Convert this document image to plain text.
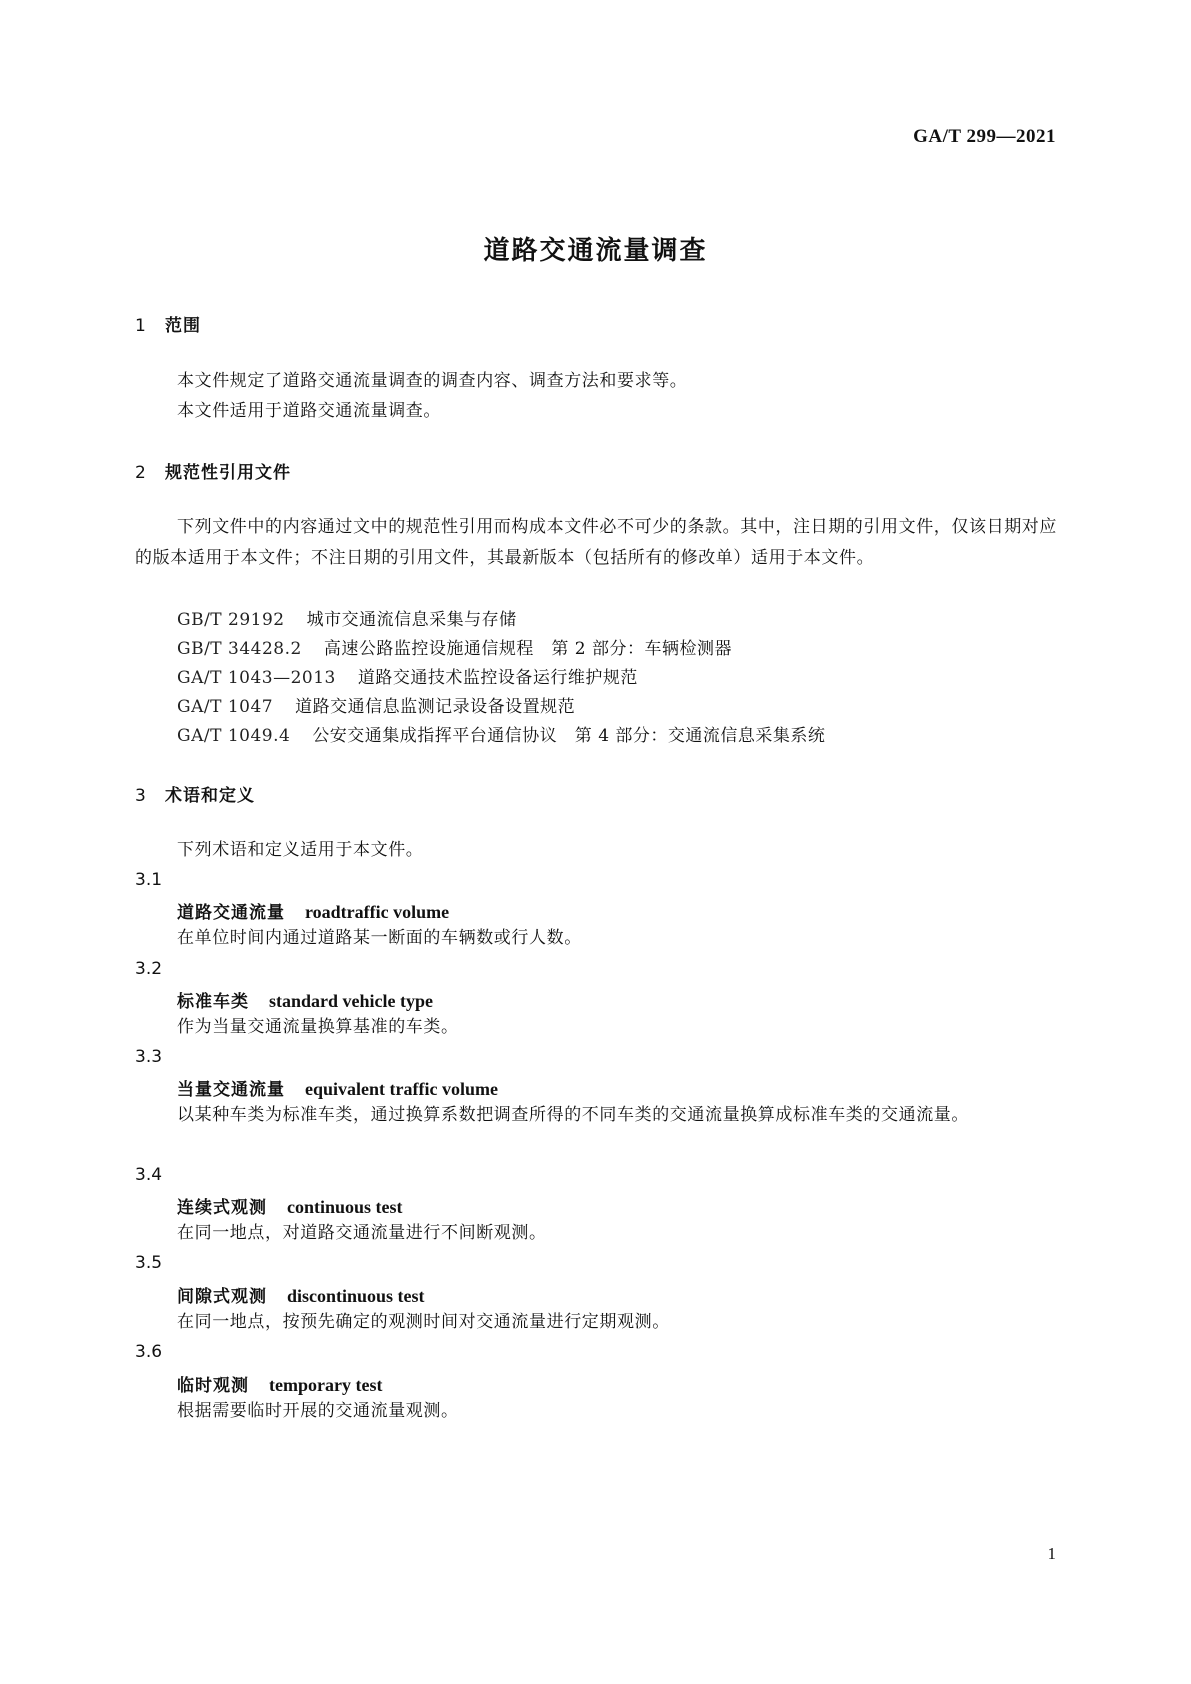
GA/T 299—2021
道路交通流量调查
1 范围
本文件规定了道路交通流量调查的调查内容、调查方法和要求等。
本文件适用于道路交通流量调查。
2 规范性引用文件
下列文件中的内容通过文中的规范性引用而构成本文件必不可少的条款。其中，注日期的引用文件，仅该日期对应的版本适用于本文件；不注日期的引用文件，其最新版本（包括所有的修改单）适用于本文件。
GB/T 29192 城市交通流信息采集与存储
GB/T 34428.2 高速公路监控设施通信规程　第 2 部分：车辆检测器
GA/T 1043—2013 道路交通技术监控设备运行维护规范
GA/T 1047 道路交通信息监测记录设备设置规范
GA/T 1049.4 公安交通集成指挥平台通信协议　第 4 部分：交通流信息采集系统
3 术语和定义
下列术语和定义适用于本文件。
3.1
道路交通流量 roadtraffic volume
在单位时间内通过道路某一断面的车辆数或行人数。
3.2
标准车类 standard vehicle type
作为当量交通流量换算基准的车类。
3.3
当量交通流量 equivalent traffic volume
以某种车类为标准车类，通过换算系数把调查所得的不同车类的交通流量换算成标准车类的交通流量。
3.4
连续式观测 continuous test
在同一地点，对道路交通流量进行不间断观测。
3.5
间隙式观测 discontinuous test
在同一地点，按预先确定的观测时间对交通流量进行定期观测。
3.6
临时观测 temporary test
根据需要临时开展的交通流量观测。
1
